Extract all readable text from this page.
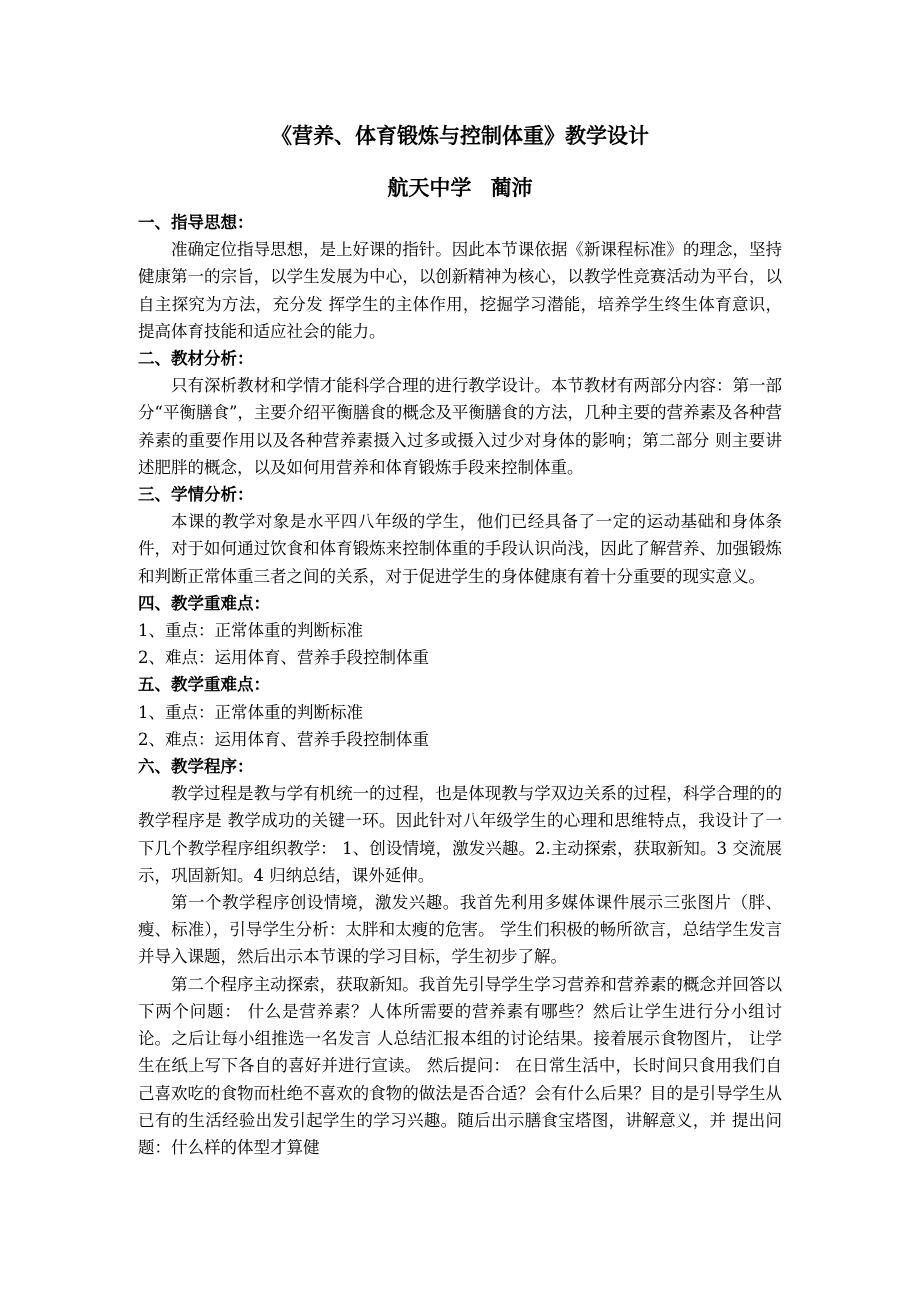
《营养、体育锻炼与控制体重》教学设计
航天中学 蔺沛

一、指导思想：

准确定位指导思想，是上好课的指针。因此本节课依据《新课程标准》的理念，坚持健康第一的宗旨，以学生发展为中心，以创新精神为核心，以教学性竞赛活动为平台，以自主探究为方法，充分发 挥学生的主体作用，挖掘学习潜能，培养学生终生体育意识，提高体育技能和适应社会的能力。

二、教材分析：

只有深析教材和学情才能科学合理的进行教学设计。本节教材有两部分内容：第一部分“平衡膳食”，主要介绍平衡膳食的概念及平衡膳食的方法，几种主要的营养素及各种营养素的重要作用以及各种营养素摄入过多或摄入过少对身体的影响；第二部分 则主要讲述肥胖的概念，以及如何用营养和体育锻炼手段来控制体重。

三、学情分析：

本课的教学对象是水平四八年级的学生，他们已经具备了一定的运动基础和身体条件，对于如何通过饮食和体育锻炼来控制体重的手段认识尚浅，因此了解营养、加强锻炼和判断正常体重三者之间的关系，对于促进学生的身体健康有着十分重要的现实意义。

四、教学重难点：

1、重点：正常体重的判断标准

2、难点：运用体育、营养手段控制体重

五、教学重难点：

1、重点：正常体重的判断标准

2、难点：运用体育、营养手段控制体重

六、教学程序：

教学过程是教与学有机统一的过程，也是体现教与学双边关系的过程，科学合理的的教学程序是 教学成功的关键一环。因此针对八年级学生的心理和思维特点，我设计了一下几个教学程序组织教学： 1、创设情境，激发兴趣。2.主动探索，获取新知。3 交流展示，巩固新知。4 归纳总结，课外延伸。

第一个教学程序创设情境，激发兴趣。我首先利用多媒体课件展示三张图片（胖、瘦、标准），引导学生分析：太胖和太瘦的危害。 学生们积极的畅所欲言，总结学生发言并导入课题，然后出示本节课的学习目标，学生初步了解。

第二个程序主动探索，获取新知。我首先引导学生学习营养和营养素的概念并回答以下两个问题： 什么是营养素？人体所需要的营养素有哪些？然后让学生进行分小组讨论。之后让每小组推选一名发言 人总结汇报本组的讨论结果。接着展示食物图片， 让学生在纸上写下各自的喜好并进行宣读。 然后提问： 在日常生活中，长时间只食用我们自己喜欢吃的食物而杜绝不喜欢的食物的做法是否合适？会有什么后果？目的是引导学生从已有的生活经验出发引起学生的学习兴趣。随后出示膳食宝塔图，讲解意义，并 提出问题：什么样的体型才算健
